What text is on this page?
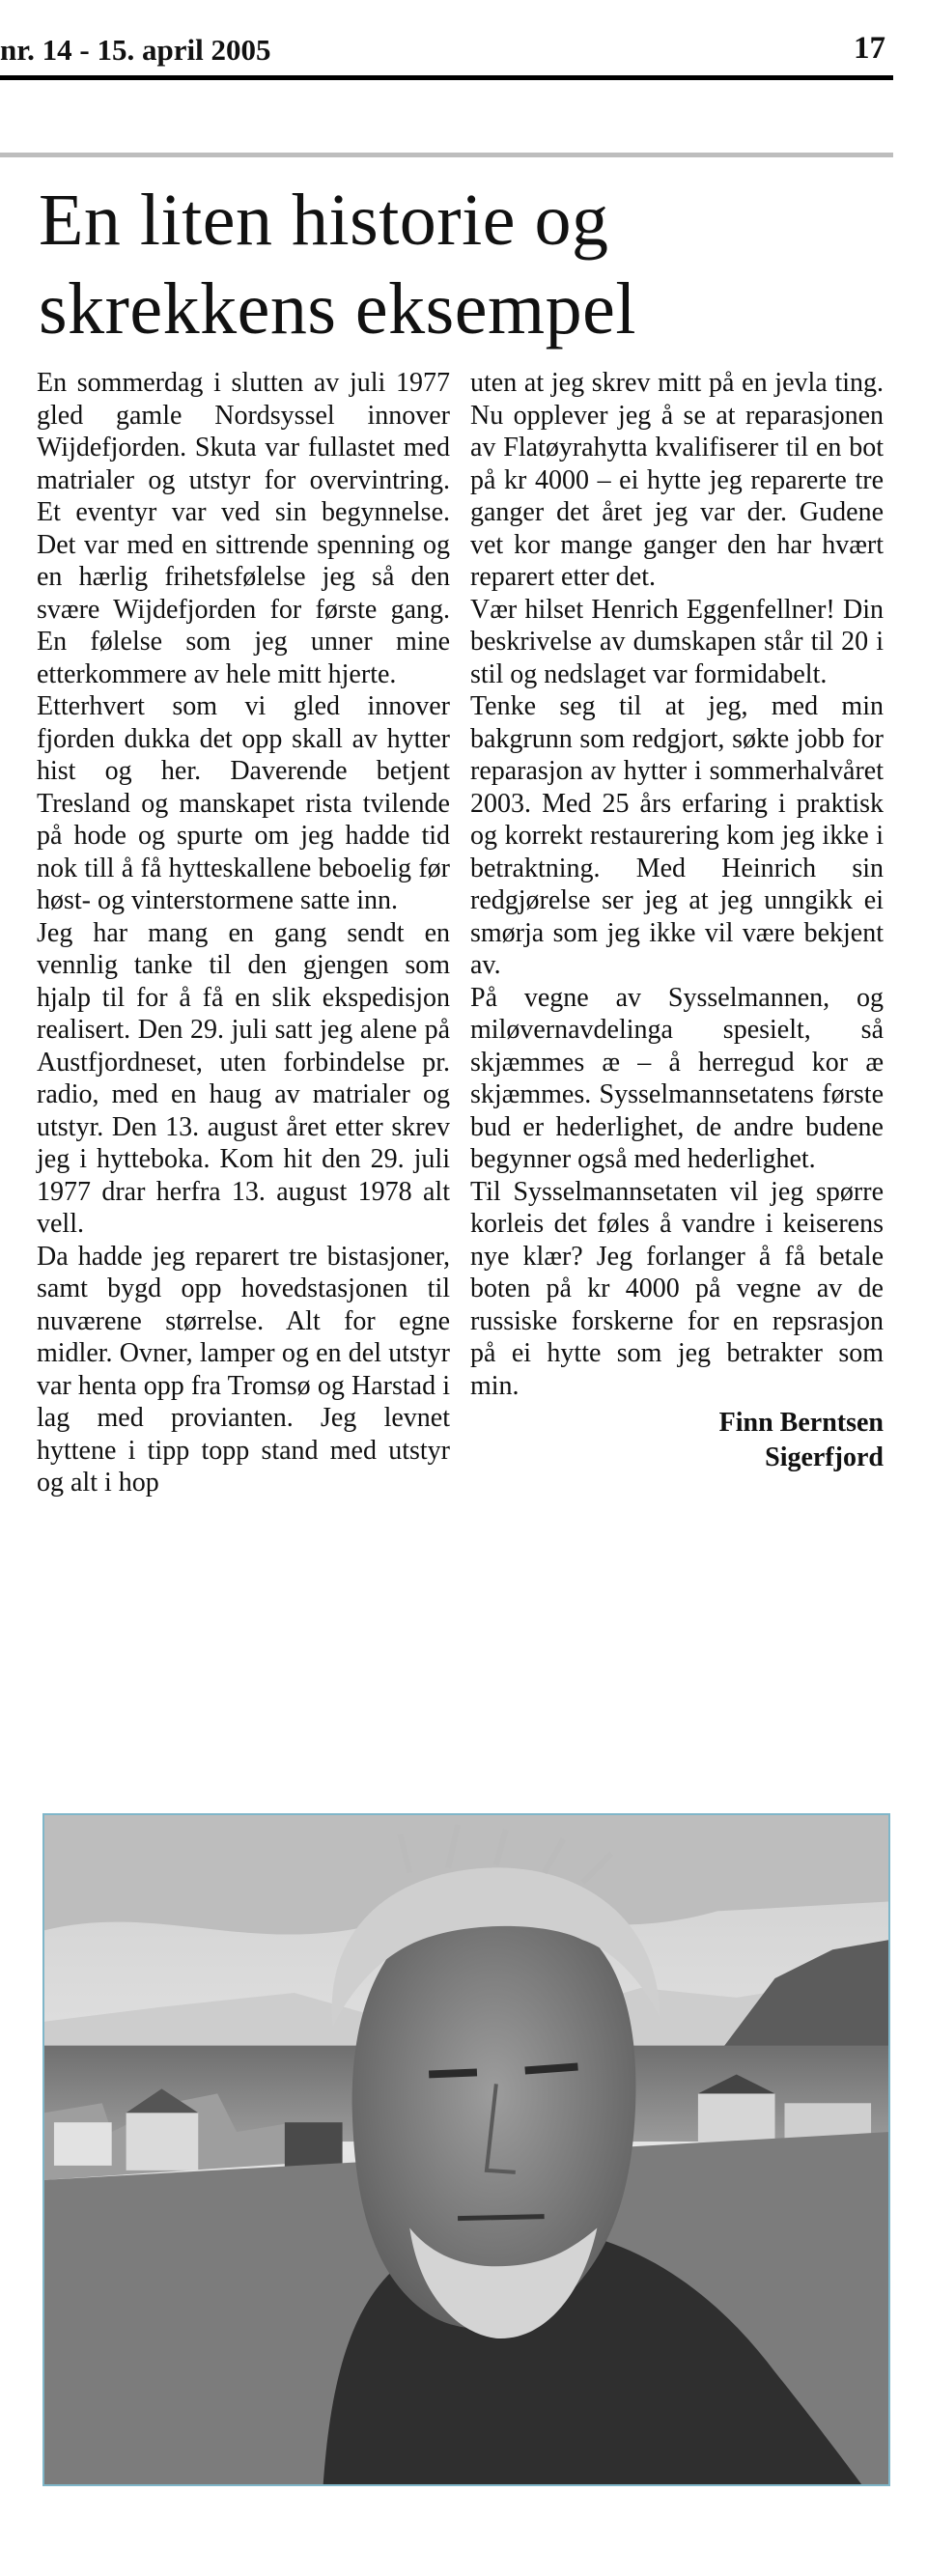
nr. 14 - 15. april 2005	17
En liten historie og skrekkens eksempel

En sommerdag i slutten av juli 1977 gled gamle Nordsyssel innover Wijdefjorden. Skuta var fullastet med matrialer og utstyr for overvintring. Et eventyr var ved sin begynnelse. Det var med en sittrende spenning og en hærlig frihetsfølelse jeg så den svære Wijdefjorden for første gang. En følelse som jeg unner mine etterkommere av hele mitt hjerte.

Etterhvert som vi gled innover fjorden dukka det opp skall av hytter hist og her. Daverende betjent Tresland og manskapet rista tvilende på hode og spurte om jeg hadde tid nok till å få hytteskallene beboelig før høst- og vinterstormene satte inn.

Jeg har mang en gang sendt en vennlig tanke til den gjengen som hjalp til for å få en slik ekspedisjon realisert. Den 29. juli satt jeg alene på Austfjordneset, uten forbindelse pr. radio, med en haug av matrialer og utstyr. Den 13. august året etter skrev jeg i hytteboka. Kom hit den 29. juli 1977 drar herfra 13. august 1978 alt vell.

Da hadde jeg reparert tre bistasjoner, samt bygd opp hovedstasjonen til nuværene størrelse. Alt for egne midler. Ovner, lamper og en del utstyr var henta opp fra Tromsø og Harstad i lag med provianten. Jeg levnet hyttene i tipp topp stand med utstyr og alt i hop

uten at jeg skrev mitt på en jevla ting. Nu opplever jeg å se at reparasjonen av Flatøyrahytta kvalifiserer til en bot på kr 4000 – ei hytte jeg reparerte tre ganger det året jeg var der. Gudene vet kor mange ganger den har hvært reparert etter det.

Vær hilset Henrich Eggenfellner! Din beskrivelse av dumskapen står til 20 i stil og nedslaget var formidabelt.

Tenke seg til at jeg, med min bakgrunn som redgjort, søkte jobb for reparasjon av hytter i sommerhalvåret 2003. Med 25 års erfaring i praktisk og korrekt restaurering kom jeg ikke i betraktning. Med Heinrich sin redgjørelse ser jeg at jeg unngikk ei smørja som jeg ikke vil være bekjent av.

På vegne av Sysselmannen, og miløvernavdelinga spesielt, så skjæmmes æ – å herregud kor æ skjæmmes. Sysselmannsetatens første bud er hederlighet, de andre budene begynner også med hederlighet.

Til Sysselmannsetaten vil jeg spørre korleis det føles å vandre i keiserens nye klær? Jeg forlanger å få betale boten på kr 4000 på vegne av de russiske forskerne for en repsrasjon på ei hytte som jeg betrakter som min.

Finn Berntsen
Sigerfjord
